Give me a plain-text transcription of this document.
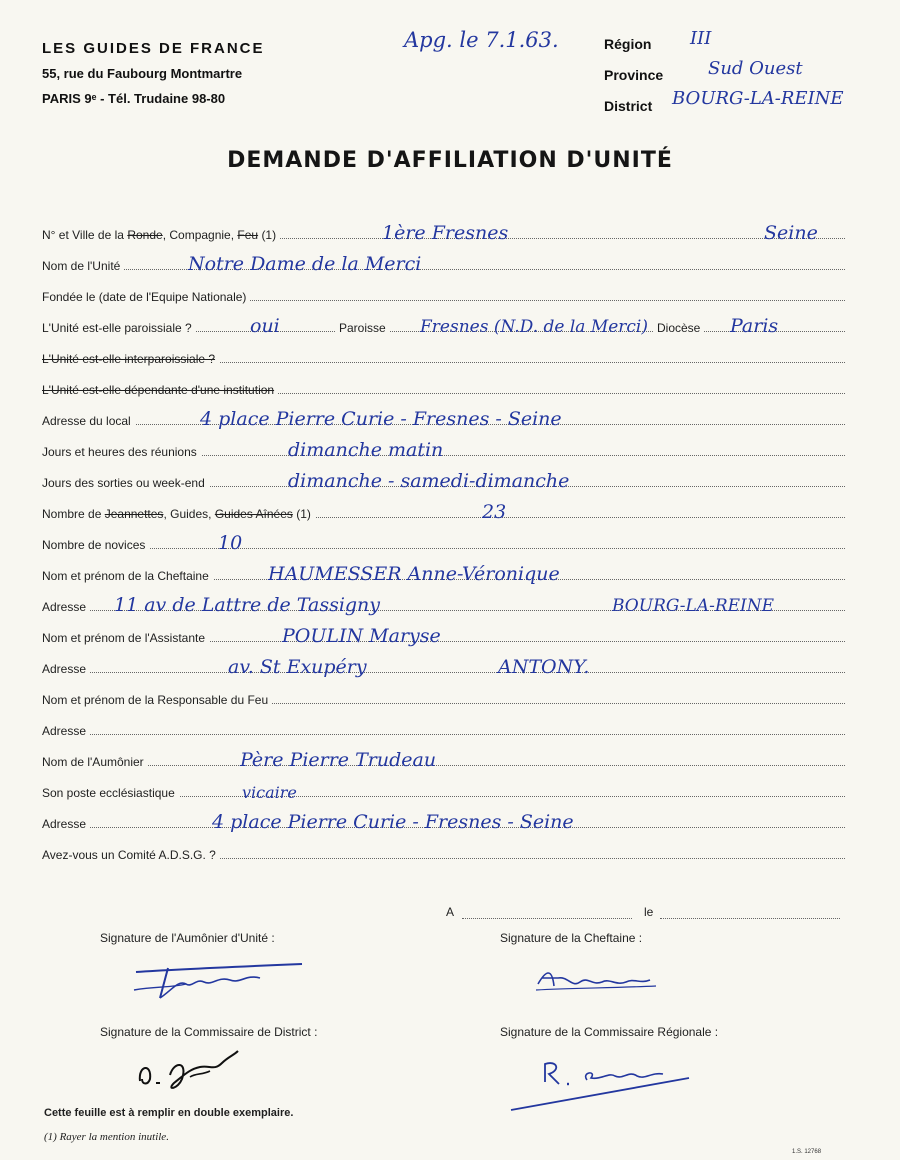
LES GUIDES DE FRANCE
55, rue du Faubourg Montmartre
PARIS 9ᵉ - Tél. Trudaine 98-80
Apg. le 7.1.63.	Région III
Province Sud Ouest
District BOURG-LA-REINE
DEMANDE D'AFFILIATION D'UNITÉ
N° et Ville de la Ronde, Compagnie, Feu (1)	1ère Fresnes	Seine
Nom de l'Unité	Notre Dame de la Merci
Fondée le (date de l'Equipe Nationale)
L'Unité est-elle paroissiale ?	oui	Paroisse Fresnes (N.D. de la Merci) Diocèse Paris
L'Unité est-elle interparoissiale ?
L'Unité est-elle dépendante d'une institution
Adresse du local	4 place Pierre Curie - Fresnes - Seine
Jours et heures des réunions	dimanche matin
Jours des sorties ou week-end	dimanche - samedi-dimanche
Nombre de Jeannettes, Guides, Guides Aînées (1)	23
Nombre de novices	10
Nom et prénom de la Cheftaine	HAUMESSER Anne-Véronique
Adresse 11 av de Lattre de Tassigny	BOURG-LA-REINE
Nom et prénom de l'Assistante	POULIN Maryse
Adresse	av. St Exupéry	ANTONY.
Nom et prénom de la Responsable du Feu
Adresse
Nom de l'Aumônier	Père Pierre Trudeau
Son poste ecclésiastique	vicaire
Adresse	4 place Pierre Curie - Fresnes - Seine
Avez-vous un Comité A.D.S.G. ?
A	le
Signature de l'Aumônier d'Unité :	Signature de la Cheftaine :
Signature de la Commissaire de District :	Signature de la Commissaire Régionale :
Cette feuille est à remplir en double exemplaire.
(1) Rayer la mention inutile.
1.S. 12768
